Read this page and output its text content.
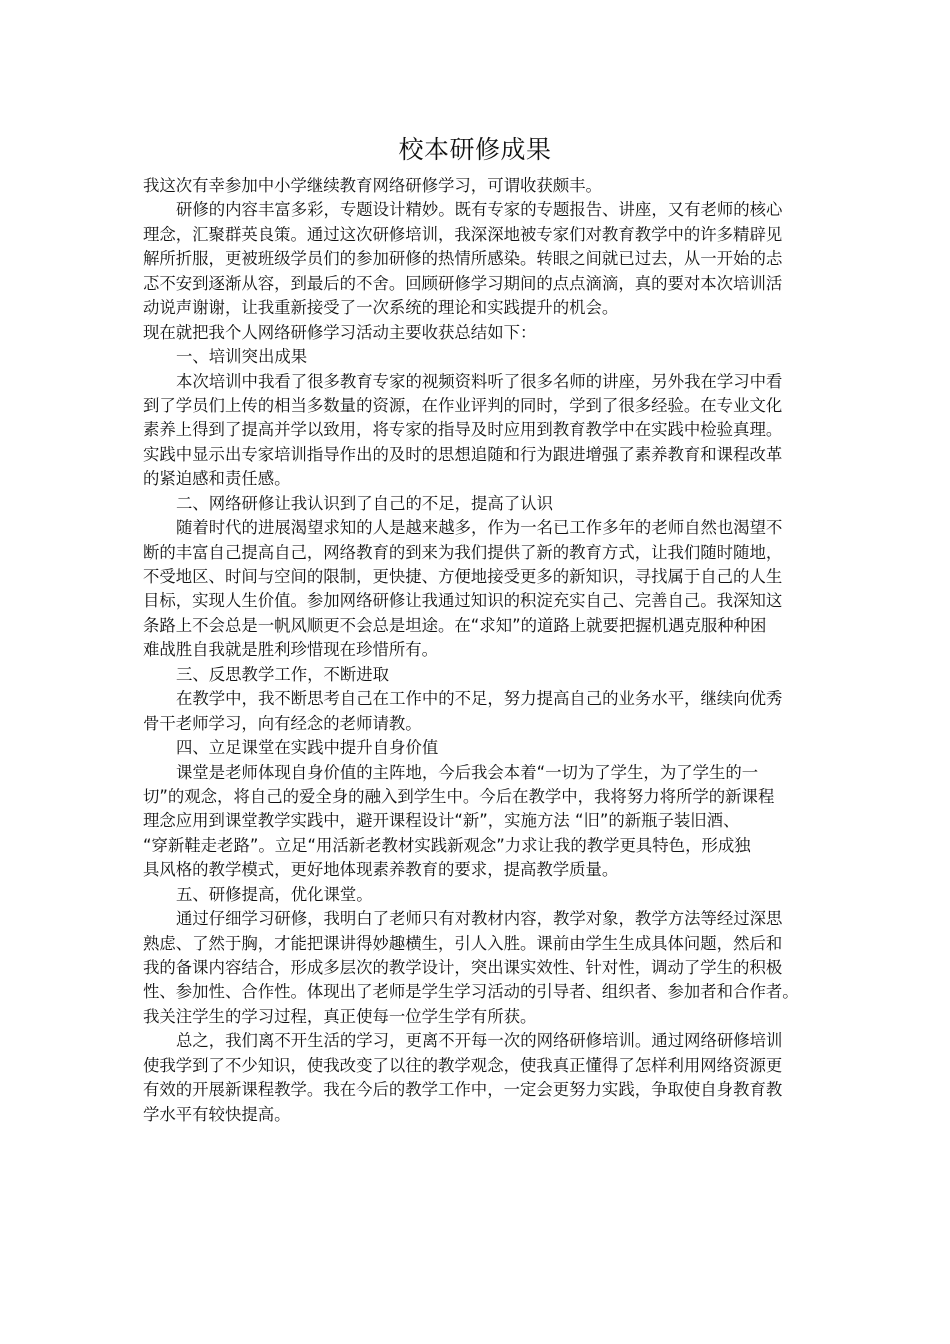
校本研修成果
我这次有幸参加中小学继续教育网络研修学习，可谓收获颇丰。
研修的内容丰富多彩，专题设计精妙。既有专家的专题报告、讲座，又有老师的核心
理念，汇聚群英良策。通过这次研修培训，我深深地被专家们对教育教学中的许多精辟见
解所折服，更被班级学员们的参加研修的热情所感染。转眼之间就已过去，从一开始的忐
忑不安到逐渐从容，到最后的不舍。回顾研修学习期间的点点滴滴，真的要对本次培训活
动说声谢谢，让我重新接受了一次系统的理论和实践提升的机会。
现在就把我个人网络研修学习活动主要收获总结如下：
一、培训突出成果
本次培训中我看了很多教育专家的视频资料听了很多名师的讲座，另外我在学习中看
到了学员们上传的相当多数量的资源，在作业评判的同时，学到了很多经验。在专业文化
素养上得到了提高并学以致用，将专家的指导及时应用到教育教学中在实践中检验真理。
实践中显示出专家培训指导作出的及时的思想追随和行为跟进增强了素养教育和课程改革
的紧迫感和责任感。
二、网络研修让我认识到了自己的不足，提高了认识
随着时代的进展渴望求知的人是越来越多，作为一名已工作多年的老师自然也渴望不
断的丰富自己提高自己，网络教育的到来为我们提供了新的教育方式，让我们随时随地，
不受地区、时间与空间的限制，更快捷、方便地接受更多的新知识，寻找属于自己的人生
目标，实现人生价值。参加网络研修让我通过知识的积淀充实自己、完善自己。我深知这
条路上不会总是一帆风顺更不会总是坦途。在“求知”的道路上就要把握机遇克服种种困
难战胜自我就是胜利珍惜现在珍惜所有。
三、反思教学工作，不断进取
在教学中，我不断思考自己在工作中的不足，努力提高自己的业务水平，继续向优秀
骨干老师学习，向有经念的老师请教。
四、立足课堂在实践中提升自身价值
课堂是老师体现自身价值的主阵地，今后我会本着“一切为了学生，为了学生的一
切”的观念，将自己的爱全身的融入到学生中。今后在教学中，我将努力将所学的新课程
理念应用到课堂教学实践中，避开课程设计“新”，实施方法 “旧”的新瓶子装旧酒、
“穿新鞋走老路”。立足“用活新老教材实践新观念”力求让我的教学更具特色，形成独
具风格的教学模式，更好地体现素养教育的要求，提高教学质量。
五、研修提高，优化课堂。
通过仔细学习研修，我明白了老师只有对教材内容，教学对象，教学方法等经过深思
熟虑、了然于胸，才能把课讲得妙趣横生，引人入胜。课前由学生生成具体问题，然后和
我的备课内容结合，形成多层次的教学设计，突出课实效性、针对性，调动了学生的积极
性、参加性、合作性。体现出了老师是学生学习活动的引导者、组织者、参加者和合作者。
我关注学生的学习过程，真正使每一位学生学有所获。
总之，我们离不开生活的学习，更离不开每一次的网络研修培训。通过网络研修培训
使我学到了不少知识，使我改变了以往的教学观念，使我真正懂得了怎样利用网络资源更
有效的开展新课程教学。我在今后的教学工作中，一定会更努力实践，争取使自身教育教
学水平有较快提高。
